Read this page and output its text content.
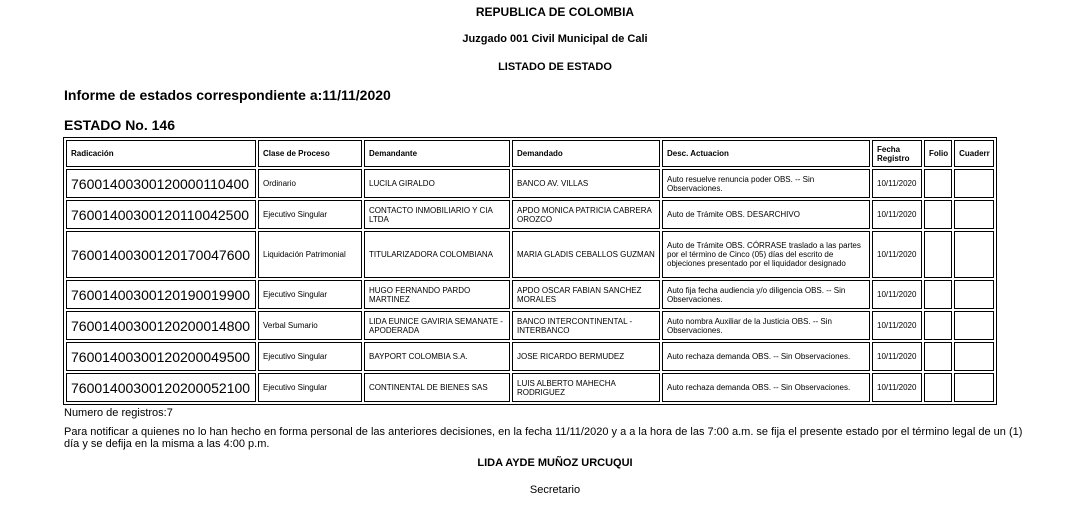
REPUBLICA DE COLOMBIA
Juzgado 001 Civil Municipal de Cali
LISTADO DE ESTADO
Informe de estados correspondiente a:11/11/2020
ESTADO No. 146
Radicación	Clase de Proceso	Demandante	Demandado	Desc. Actuacion	Fecha Registro	Folio	Cuaderr
76001400300120000110400	Ordinario	LUCILA GIRALDO	BANCO AV. VILLAS	Auto resuelve renuncia poder OBS. -- Sin Observaciones.	10/11/2020		
76001400300120110042500	Ejecutivo Singular	CONTACTO INMOBILIARIO Y CIA LTDA	APDO MONICA PATRICIA CABRERA OROZCO	Auto de Trámite OBS. DESARCHIVO	10/11/2020		
76001400300120170047600	Liquidación Patrimonial	TITULARIZADORA COLOMBIANA	MARIA GLADIS CEBALLOS GUZMAN	Auto de Trámite OBS. CÓRRASE traslado a las partes por el término de Cinco (05) días del escrito de objeciones presentado por el liquidador designado	10/11/2020		
76001400300120190019900	Ejecutivo Singular	HUGO FERNANDO PARDO MARTINEZ	APDO OSCAR FABIAN SANCHEZ MORALES	Auto fija fecha audiencia y/o diligencia OBS. -- Sin Observaciones.	10/11/2020		
76001400300120200014800	Verbal Sumario	LIDA EUNICE GAVIRIA SEMANATE - APODERADA	BANCO INTERCONTINENTAL - INTERBANCO	Auto nombra Auxiliar de la Justicia OBS. -- Sin Observaciones.	10/11/2020		
76001400300120200049500	Ejecutivo Singular	BAYPORT COLOMBIA S.A.	JOSE RICARDO BERMUDEZ	Auto rechaza demanda OBS. -- Sin Observaciones.	10/11/2020		
76001400300120200052100	Ejecutivo Singular	CONTINENTAL DE BIENES SAS	LUIS ALBERTO MAHECHA RODRIGUEZ	Auto rechaza demanda OBS. -- Sin Observaciones.	10/11/2020		
Numero de registros:7
Para notificar a quienes no lo han hecho en forma personal de las anteriores decisiones, en la fecha 11/11/2020 y a a la hora de las 7:00 a.m. se fija el presente estado por el término legal de un (1) día y se defija en la misma a las 4:00 p.m.
LIDA AYDE MUÑOZ URCUQUI
Secretario
